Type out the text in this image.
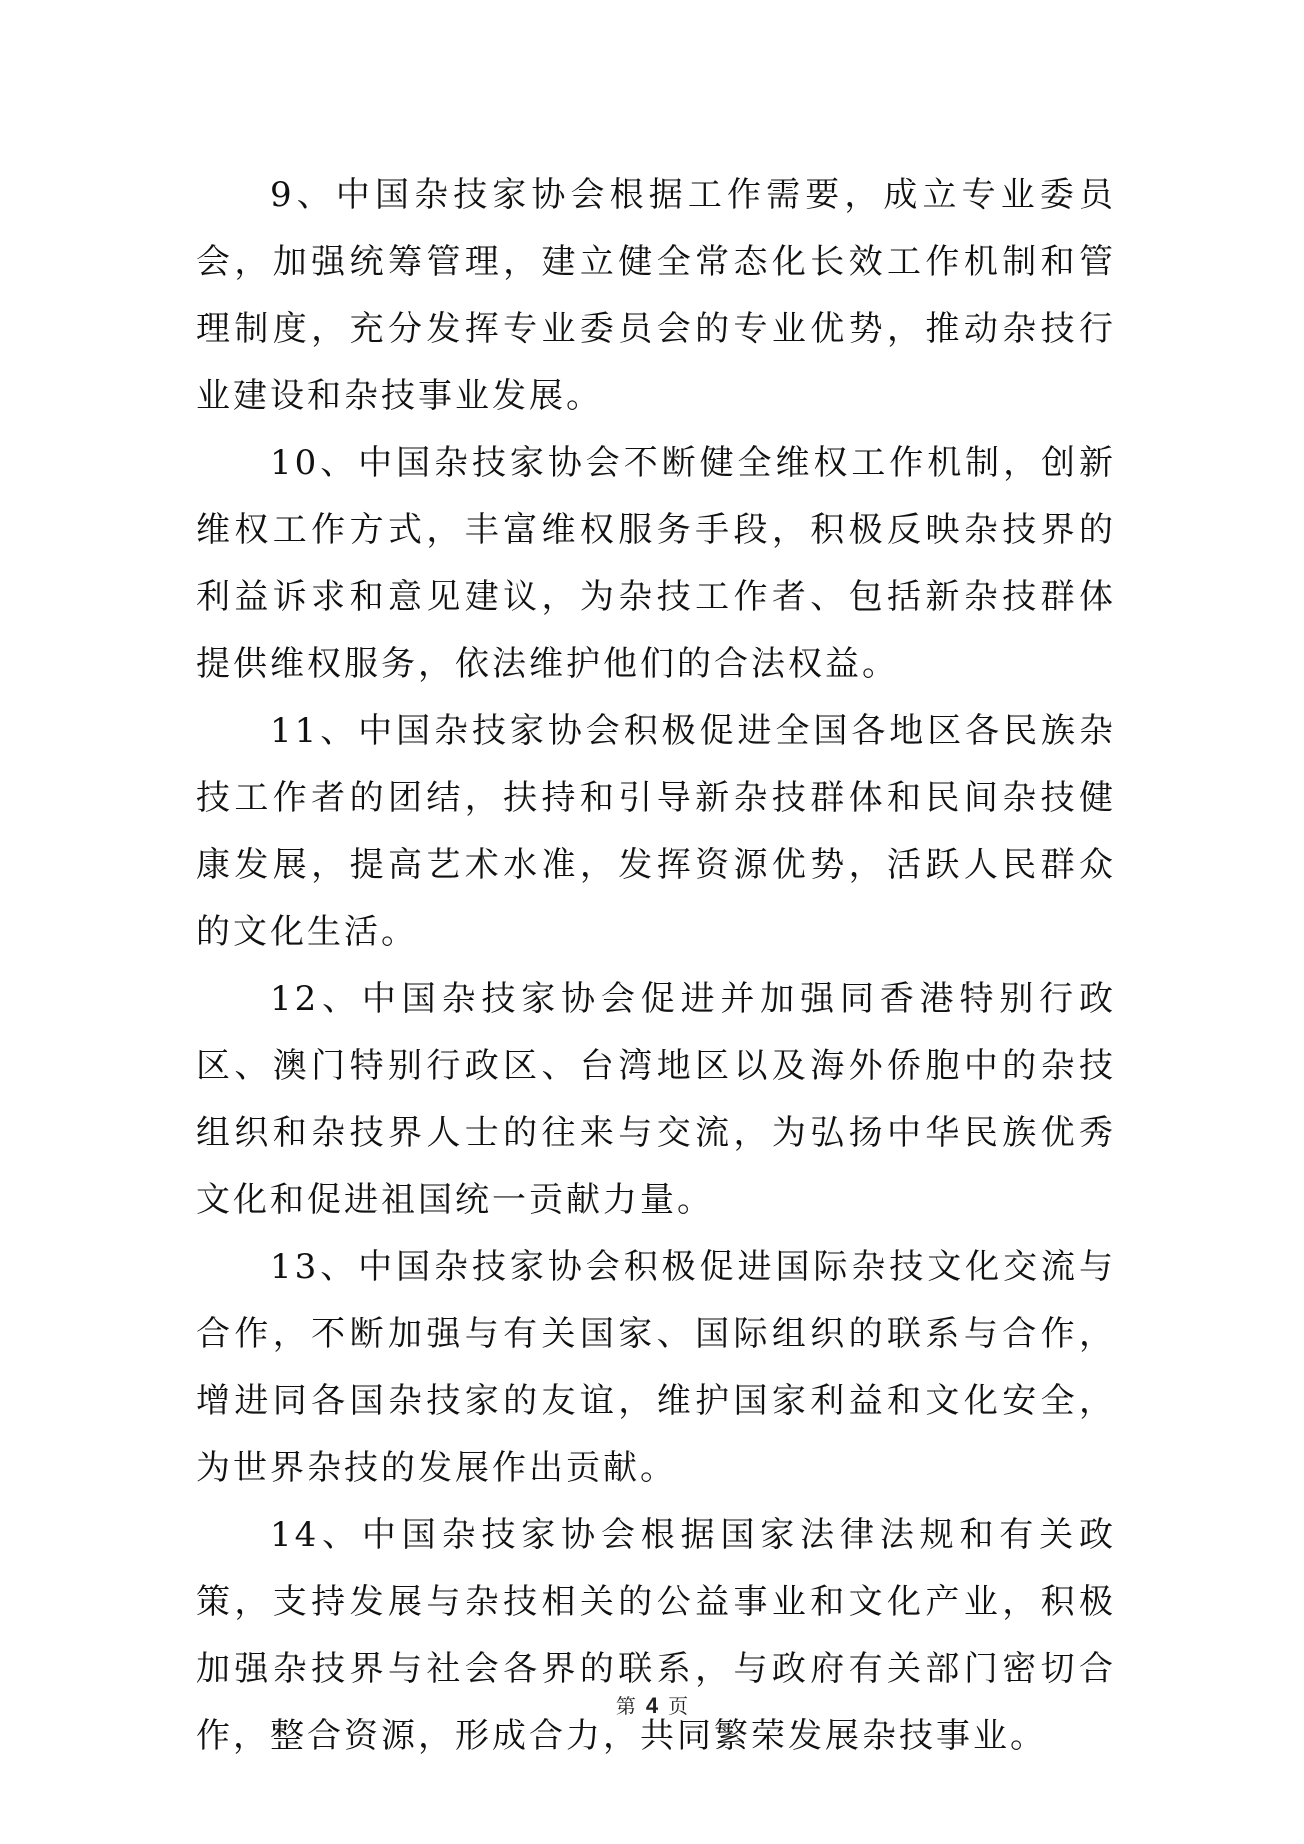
9、中国杂技家协会根据工作需要，成立专业委员会，加强统筹管理，建立健全常态化长效工作机制和管理制度，充分发挥专业委员会的专业优势，推动杂技行业建设和杂技事业发展。

10、中国杂技家协会不断健全维权工作机制，创新维权工作方式，丰富维权服务手段，积极反映杂技界的利益诉求和意见建议，为杂技工作者、包括新杂技群体提供维权服务，依法维护他们的合法权益。

11、中国杂技家协会积极促进全国各地区各民族杂技工作者的团结，扶持和引导新杂技群体和民间杂技健康发展，提高艺术水准，发挥资源优势，活跃人民群众的文化生活。

12、中国杂技家协会促进并加强同香港特别行政区、澳门特别行政区、台湾地区以及海外侨胞中的杂技组织和杂技界人士的往来与交流，为弘扬中华民族优秀文化和促进祖国统一贡献力量。

13、中国杂技家协会积极促进国际杂技文化交流与合作，不断加强与有关国家、国际组织的联系与合作，增进同各国杂技家的友谊，维护国家利益和文化安全，为世界杂技的发展作出贡献。

14、中国杂技家协会根据国家法律法规和有关政策，支持发展与杂技相关的公益事业和文化产业，积极加强杂技界与社会各界的联系，与政府有关部门密切合作，整合资源，形成合力，共同繁荣发展杂技事业。

第 4 页
